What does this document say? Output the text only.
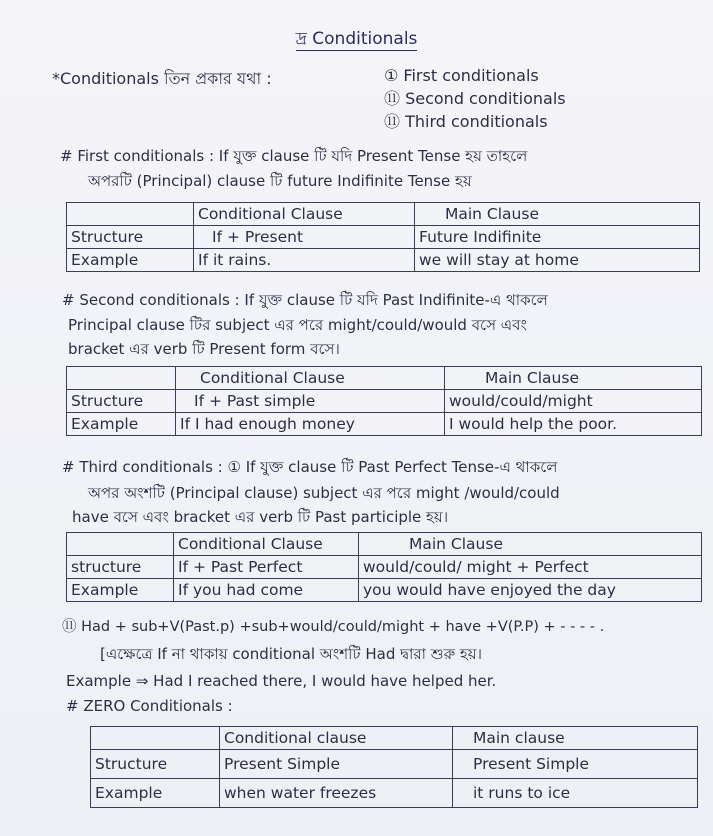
দ্র Conditionals
*Conditionals তিন প্রকার যথা :	① First conditionals
⑪ Second conditionals
⑪ Third conditionals
# First conditionals : If যুক্ত clause টি যদি Present Tense হয় তাহলে
অপরটি (Principal) clause টি future Indifinite Tense হয়
	Conditional Clause	Main Clause
Structure	If + Present	Future Indifinite
Example	If it rains.	we will stay at home
# Second conditionals : If যুক্ত clause টি যদি Past Indifinite-এ থাকলে
Principal clause টির subject এর পরে might/could/would বসে এবং
bracket এর verb টি Present form বসে।
	Conditional Clause	Main Clause
Structure	If + Past simple	would/could/might
Example	If I had enough money	I would help the poor.
# Third conditionals : ① If যুক্ত clause টি Past Perfect Tense-এ থাকলে
অপর অংশটি (Principal clause) subject এর পরে might /would/could
have বসে এবং bracket এর verb টি Past participle হয়।
	Conditional Clause	Main Clause
structure	If + Past Perfect	would/could/ might + Perfect
Example	If you had come	you would have enjoyed the day
⑪ Had + sub+V(Past.p) +sub+would/could/might + have +V(P.P) + - - - - .
[এক্ষেত্রে If না থাকায় conditional অংশটি Had দ্বারা শুরু হয়।
Example ⇒ Had I reached there, I would have helped her.
# ZERO Conditionals :
	Conditional clause	Main clause
Structure	Present Simple	Present Simple
Example	when water freezes	it runs to ice
